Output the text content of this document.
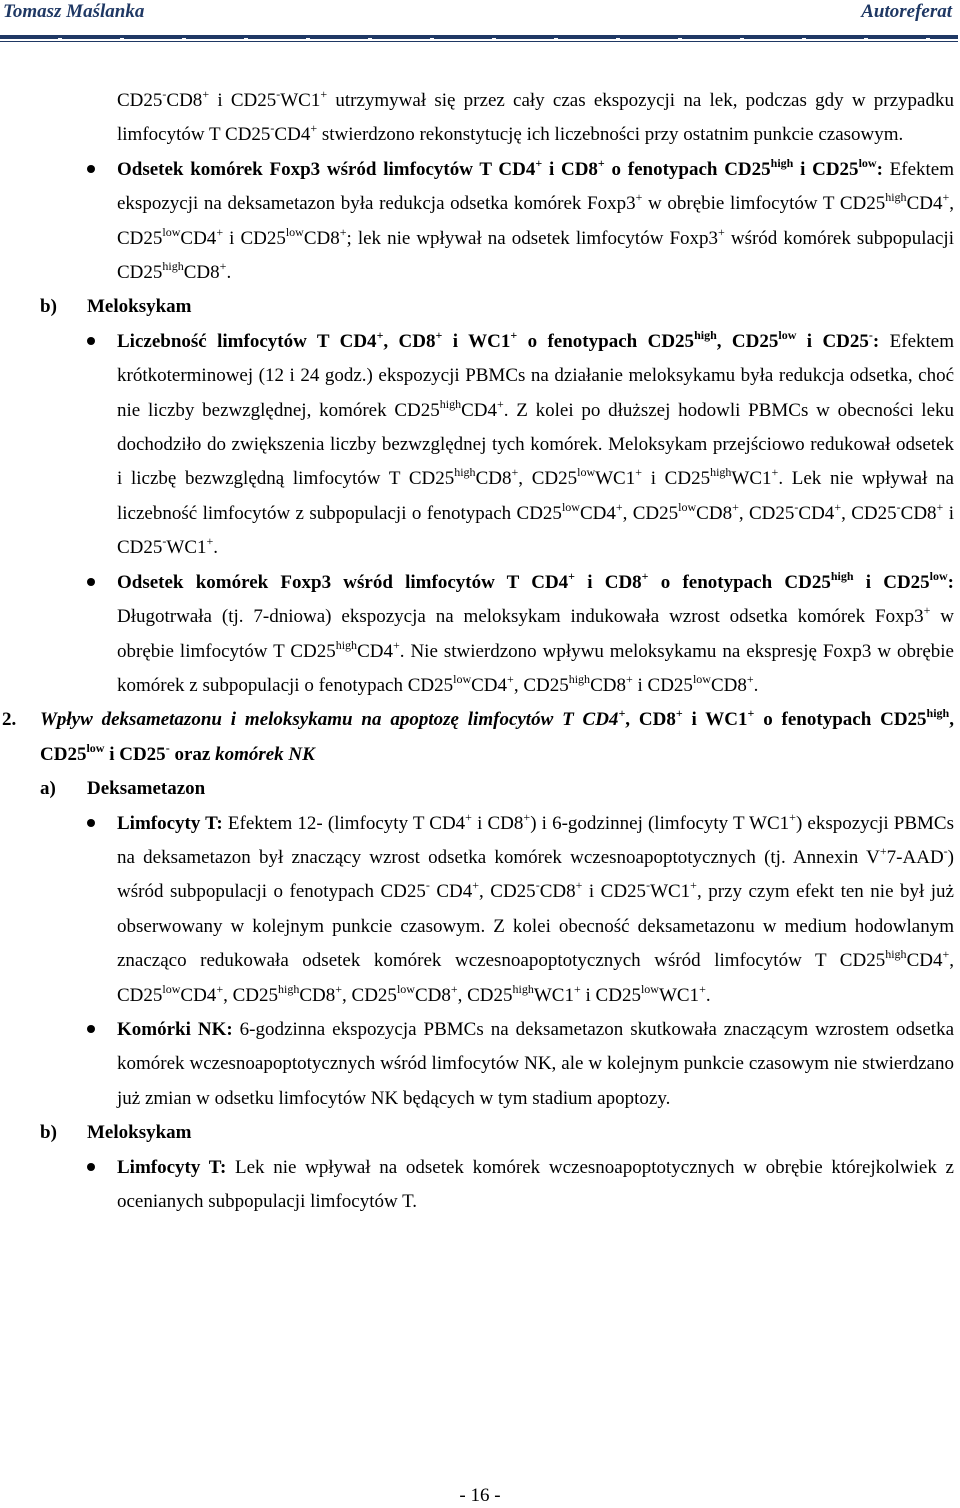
Tomasz Maślanka	Autoreferat
CD25-CD8+ i CD25-WC1+ utrzymywał się przez cały czas ekspozycji na lek, podczas gdy w przypadku limfocytów T CD25-CD4+ stwierdzono rekonstytucję ich liczebności przy ostatnim punkcie czasowym.
Odsetek komórek Foxp3 wśród limfocytów T CD4+ i CD8+ o fenotypach $CD25^{high}$ i $CD25^{low}$: Efektem ekspozycji na deksametazon była redukcja odsetka komórek Foxp3+ w obrębie limfocytów T $CD25^{high}CD4^+$, $CD25^{low}CD4^+$ i $CD25^{low}CD8^+$; lek nie wpływał na odsetek limfocytów Foxp3+ wśród komórek subpopulacji $CD25^{high}CD8^+$.
b) Meloksykam
Liczebność limfocytów T CD4+, CD8+ i WC1+ o fenotypach $CD25^{high}$, $CD25^{low}$ i CD25-: Efektem krótkoterminowej (12 i 24 godz.) ekspozycji PBMCs na działanie meloksykamu była redukcja odsetka, choć nie liczby bezwzględnej, komórek $CD25^{high}CD4^+$. Z kolei po dłuższej hodowli PBMCs w obecności leku dochodziło do zwiększenia liczby bezwzględnej tych komórek. Meloksykam przejściowo redukował odsetek i liczbę bezwzględną limfocytów T $CD25^{high}CD8^+$, $CD25^{low}WC1^+$ i $CD25^{high}WC1^+$. Lek nie wpływał na liczebność limfocytów z subpopulacji o fenotypach $CD25^{low}CD4^+$, $CD25^{low}CD8^+$, CD25-CD4+, CD25-CD8+ i CD25-WC1+.
Odsetek komórek Foxp3 wśród limfocytów T CD4+ i CD8+ o fenotypach $CD25^{high}$ i $CD25^{low}$: Długotrwała (tj. 7-dniowa) ekspozycja na meloksykam indukowała wzrost odsetka komórek Foxp3+ w obrębie limfocytów T $CD25^{high}CD4^+$. Nie stwierdzono wpływu meloksykamu na ekspresję Foxp3 w obrębie komórek z subpopulacji o fenotypach $CD25^{low}CD4^+$, $CD25^{high}CD8^+$ i $CD25^{low}CD8^+$.
2. Wpływ deksametazonu i meloksykamu na apoptozę limfocytów T CD4+, CD8+ i WC1+ o fenotypach $CD25^{high}$, $CD25^{low}$ i CD25- oraz komórek NK
a) Deksametazon
Limfocyty T: Efektem 12- (limfocyty T CD4+ i CD8+) i 6-godzinnej (limfocyty T WC1+) ekspozycji PBMCs na deksametazon był znaczący wzrost odsetka komórek wczesnoapoptotycznych (tj. Annexin V+7-AAD-) wśród subpopulacji o fenotypach CD25- CD4+, CD25-CD8+ i CD25-WC1+, przy czym efekt ten nie był już obserwowany w kolejnym punkcie czasowym. Z kolei obecność deksametazonu w medium hodowlanym znacząco redukowała odsetek komórek wczesnoapoptotycznych wśród limfocytów T $CD25^{high}CD4^+$, $CD25^{low}CD4^+$, $CD25^{high}CD8^+$, $CD25^{low}CD8^+$, $CD25^{high}WC1^+$ i $CD25^{low}WC1^+$.
Komórki NK: 6-godzinna ekspozycja PBMCs na deksametazon skutkowała znaczącym wzrostem odsetka komórek wczesnoapoptotycznych wśród limfocytów NK, ale w kolejnym punkcie czasowym nie stwierdzano już zmian w odsetku limfocytów NK będących w tym stadium apoptozy.
b) Meloksykam
Limfocyty T: Lek nie wpływał na odsetek komórek wczesnoapoptotycznych w obrębie którejkolwiek z ocenianych subpopulacji limfocytów T.
- 16 -
